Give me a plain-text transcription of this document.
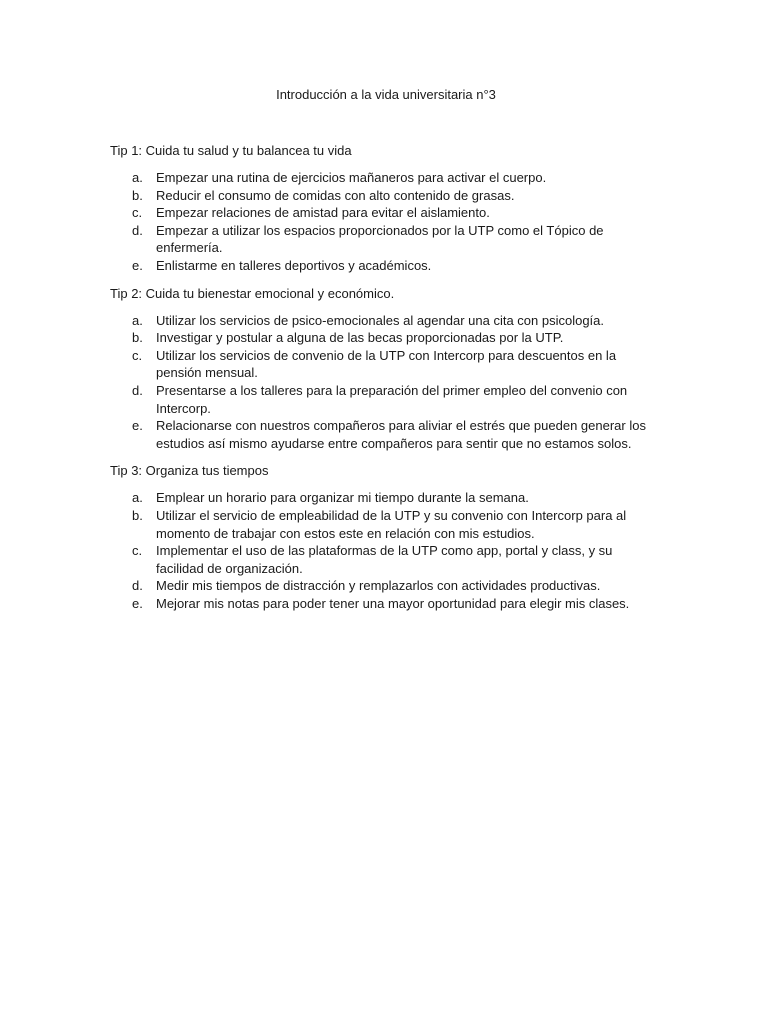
Introducción a la vida universitaria n°3
Tip 1: Cuida tu salud y tu balancea tu vida
a. Empezar una rutina de ejercicios mañaneros para activar el cuerpo.
b. Reducir el consumo de comidas con alto contenido de grasas.
c. Empezar relaciones de amistad para evitar el aislamiento.
d. Empezar a utilizar los espacios proporcionados por la UTP como el Tópico de enfermería.
e. Enlistarme en talleres deportivos y académicos.
Tip 2: Cuida tu bienestar emocional y económico.
a. Utilizar los servicios de psico-emocionales al agendar una cita con psicología.
b. Investigar y postular a alguna de las becas proporcionadas por la UTP.
c. Utilizar los servicios de convenio de la UTP con Intercorp para descuentos en la pensión mensual.
d. Presentarse a los talleres para la preparación del primer empleo del convenio con Intercorp.
e. Relacionarse con nuestros compañeros para aliviar el estrés que pueden generar los estudios así mismo ayudarse entre compañeros para sentir que no estamos solos.
Tip 3: Organiza tus tiempos
a. Emplear un horario para organizar mi tiempo durante la semana.
b. Utilizar el servicio de empleabilidad de la UTP y su convenio con Intercorp para al momento de trabajar con estos este en relación con mis estudios.
c. Implementar el uso de las plataformas de la UTP como app, portal y class, y su facilidad de organización.
d. Medir mis tiempos de distracción y remplazarlos con actividades productivas.
e. Mejorar mis notas para poder tener una mayor oportunidad para elegir mis clases.
